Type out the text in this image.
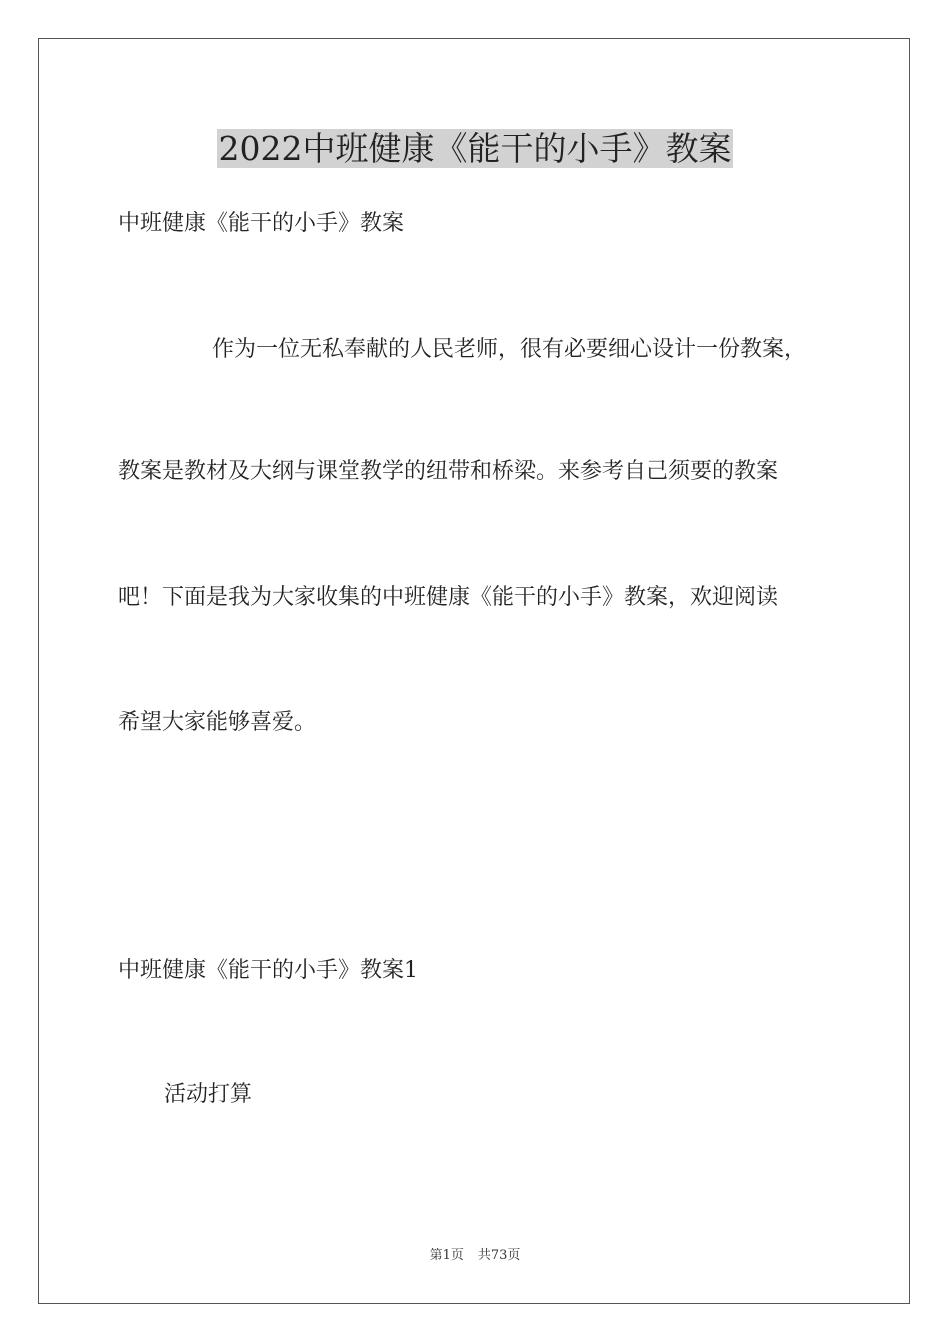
2022中班健康《能干的小手》教案

中班健康《能干的小手》教案

作为一位无私奉献的人民老师，很有必要细心设计一份教案，

教案是教材及大纲与课堂教学的纽带和桥梁。来参考自己须要的教案

吧！下面是我为大家收集的中班健康《能干的小手》教案，欢迎阅读

希望大家能够喜爱。

中班健康《能干的小手》教案1

活动打算

第1页 共73页
